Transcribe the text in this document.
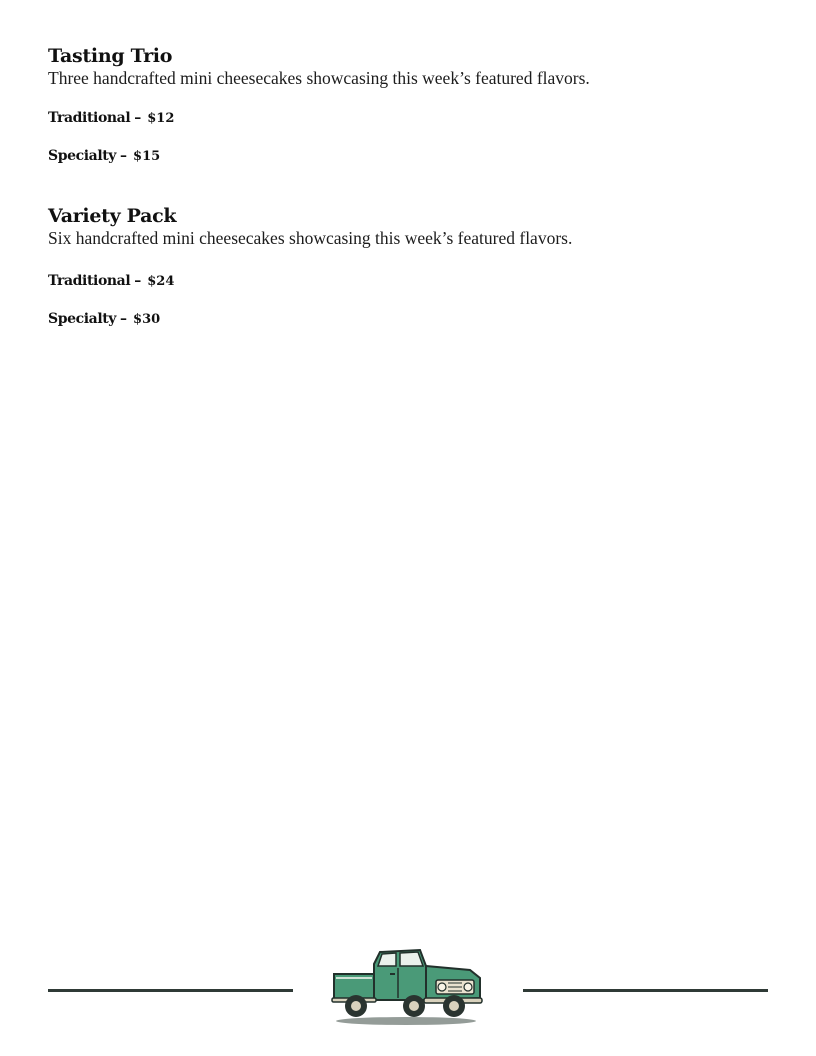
Tasting Trio

Three handcrafted mini cheesecakes showcasing this week’s featured flavors.

Traditional – $12
Specialty – $15
Variety Pack

Six handcrafted mini cheesecakes showcasing this week’s featured flavors.

Traditional – $24
Specialty – $30
